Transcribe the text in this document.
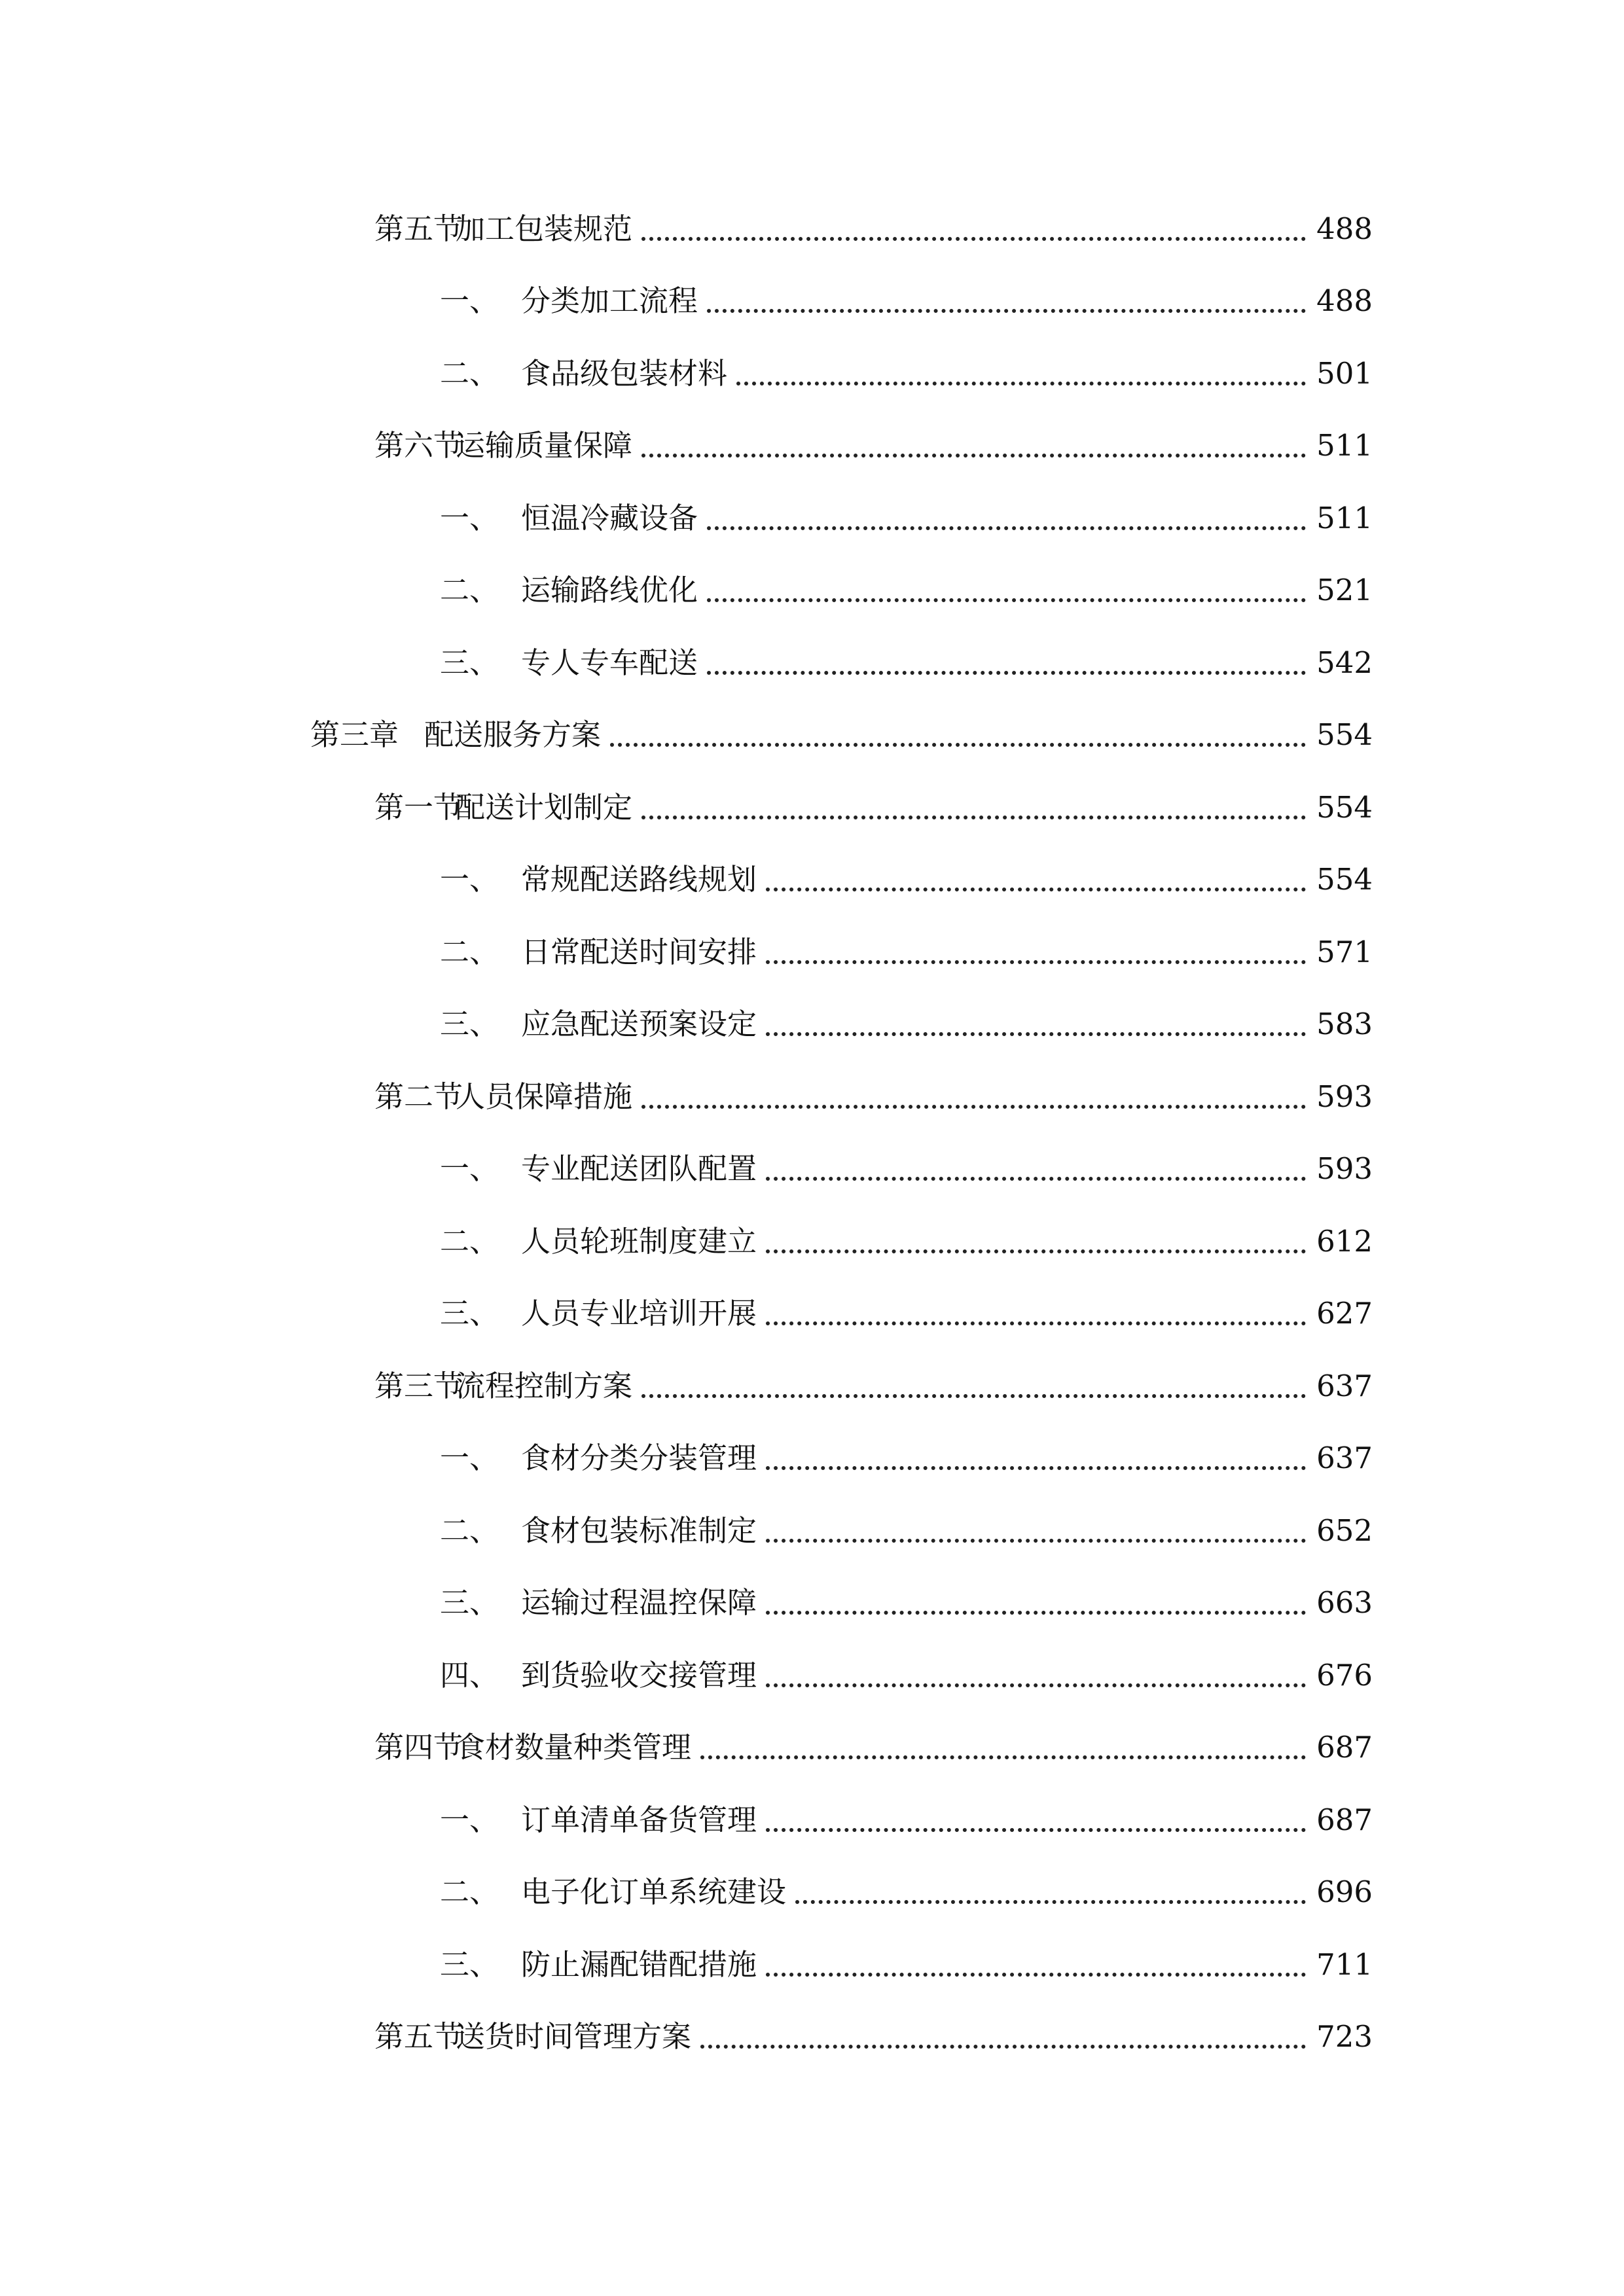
第五节加工包装规范	488
一、 分类加工流程	488
二、 食品级包装材料	501
第六节运输质量保障	511
一、 恒温冷藏设备	511
二、 运输路线优化	521
三、 专人专车配送	542
第三章 配送服务方案	554
第一节配送计划制定	554
一、 常规配送路线规划	554
二、 日常配送时间安排	571
三、 应急配送预案设定	583
第二节人员保障措施	593
一、 专业配送团队配置	593
二、 人员轮班制度建立	612
三、 人员专业培训开展	627
第三节流程控制方案	637
一、 食材分类分装管理	637
二、 食材包装标准制定	652
三、 运输过程温控保障	663
四、 到货验收交接管理	676
第四节食材数量种类管理	687
一、 订单清单备货管理	687
二、 电子化订单系统建设	696
三、 防止漏配错配措施	711
第五节送货时间管理方案	723
